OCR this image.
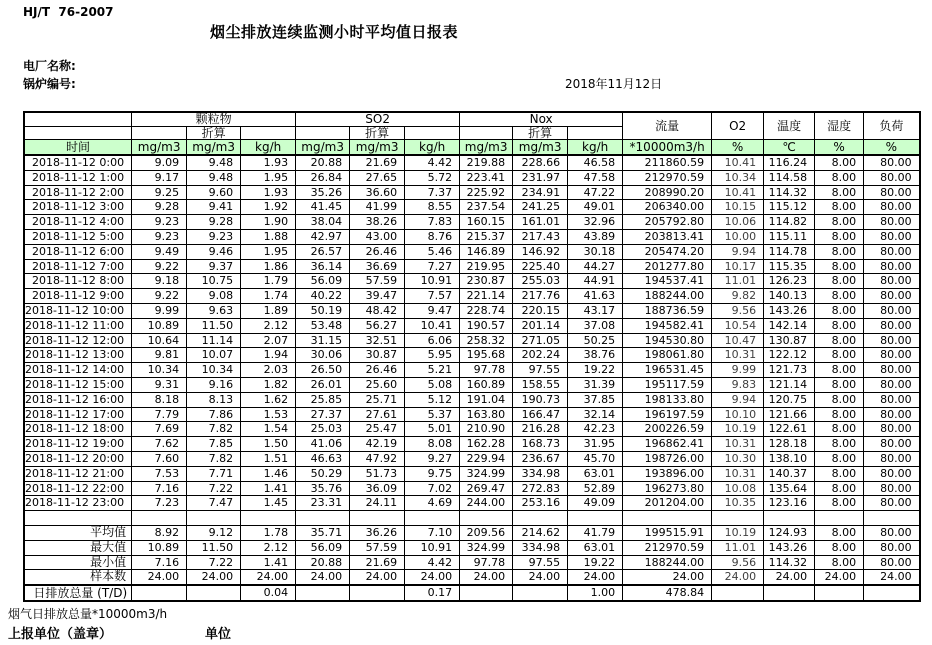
HJ/T  76-2007
烟尘排放连续监测小时平均值日报表
电厂名称:
锅炉编号:	2018年11月12日
	颗粒物			SO2			Nox			流量	O2	温度	湿度	负荷
		折算			折算			折算						
时间	mg/m3	mg/m3	kg/h	mg/m3	mg/m3	kg/h	mg/m3	mg/m3	kg/h	*10000m3/h	%	℃	%	%
2018-11-12 0:00	9.09	9.48	1.93	20.88	21.69	4.42	219.88	228.66	46.58	211860.59	10.41	116.24	8.00	80.00
2018-11-12 1:00	9.17	9.48	1.95	26.84	27.65	5.72	223.41	231.97	47.58	212970.59	10.34	114.58	8.00	80.00
2018-11-12 2:00	9.25	9.60	1.93	35.26	36.60	7.37	225.92	234.91	47.22	208990.20	10.41	114.32	8.00	80.00
2018-11-12 3:00	9.28	9.41	1.92	41.45	41.99	8.55	237.54	241.25	49.01	206340.00	10.15	115.12	8.00	80.00
2018-11-12 4:00	9.23	9.28	1.90	38.04	38.26	7.83	160.15	161.01	32.96	205792.80	10.06	114.82	8.00	80.00
2018-11-12 5:00	9.23	9.23	1.88	42.97	43.00	8.76	215.37	217.43	43.89	203813.41	10.00	115.11	8.00	80.00
2018-11-12 6:00	9.49	9.46	1.95	26.57	26.46	5.46	146.89	146.92	30.18	205474.20	9.94	114.78	8.00	80.00
2018-11-12 7:00	9.22	9.37	1.86	36.14	36.69	7.27	219.95	225.40	44.27	201277.80	10.17	115.35	8.00	80.00
2018-11-12 8:00	9.18	10.75	1.79	56.09	57.59	10.91	230.87	255.03	44.91	194537.41	11.01	126.23	8.00	80.00
2018-11-12 9:00	9.22	9.08	1.74	40.22	39.47	7.57	221.14	217.76	41.63	188244.00	9.82	140.13	8.00	80.00
2018-11-12 10:00	9.99	9.63	1.89	50.19	48.42	9.47	228.74	220.15	43.17	188736.59	9.56	143.26	8.00	80.00
2018-11-12 11:00	10.89	11.50	2.12	53.48	56.27	10.41	190.57	201.14	37.08	194582.41	10.54	142.14	8.00	80.00
2018-11-12 12:00	10.64	11.14	2.07	31.15	32.51	6.06	258.32	271.05	50.25	194530.80	10.47	130.87	8.00	80.00
2018-11-12 13:00	9.81	10.07	1.94	30.06	30.87	5.95	195.68	202.24	38.76	198061.80	10.31	122.12	8.00	80.00
2018-11-12 14:00	10.34	10.34	2.03	26.50	26.46	5.21	97.78	97.55	19.22	196531.45	9.99	121.73	8.00	80.00
2018-11-12 15:00	9.31	9.16	1.82	26.01	25.60	5.08	160.89	158.55	31.39	195117.59	9.83	121.14	8.00	80.00
2018-11-12 16:00	8.18	8.13	1.62	25.85	25.71	5.12	191.04	190.73	37.85	198133.80	9.94	120.75	8.00	80.00
2018-11-12 17:00	7.79	7.86	1.53	27.37	27.61	5.37	163.80	166.47	32.14	196197.59	10.10	121.66	8.00	80.00
2018-11-12 18:00	7.69	7.82	1.54	25.03	25.47	5.01	210.90	216.28	42.23	200226.59	10.19	122.61	8.00	80.00
2018-11-12 19:00	7.62	7.85	1.50	41.06	42.19	8.08	162.28	168.73	31.95	196862.41	10.31	128.18	8.00	80.00
2018-11-12 20:00	7.60	7.82	1.51	46.63	47.92	9.27	229.94	236.67	45.70	198726.00	10.30	138.10	8.00	80.00
2018-11-12 21:00	7.53	7.71	1.46	50.29	51.73	9.75	324.99	334.98	63.01	193896.00	10.31	140.37	8.00	80.00
2018-11-12 22:00	7.16	7.22	1.41	35.76	36.09	7.02	269.47	272.83	52.89	196273.80	10.08	135.64	8.00	80.00
2018-11-12 23:00	7.23	7.47	1.45	23.31	24.11	4.69	244.00	253.16	49.09	201204.00	10.35	123.16	8.00	80.00

平均值	8.92	9.12	1.78	35.71	36.26	7.10	209.56	214.62	41.79	199515.91	10.19	124.93	8.00	80.00
最大值	10.89	11.50	2.12	56.09	57.59	10.91	324.99	334.98	63.01	212970.59	11.01	143.26	8.00	80.00
最小值	7.16	7.22	1.41	20.88	21.69	4.42	97.78	97.55	19.22	188244.00	9.56	114.32	8.00	80.00
样本数	24.00	24.00	24.00	24.00	24.00	24.00	24.00	24.00	24.00	24.00	24.00	24.00	24.00	24.00

日排放总量 (T/D)			0.04			0.17			1.00	478.84				
烟气日排放总量*10000m3/h
上报单位（盖章）	单位
